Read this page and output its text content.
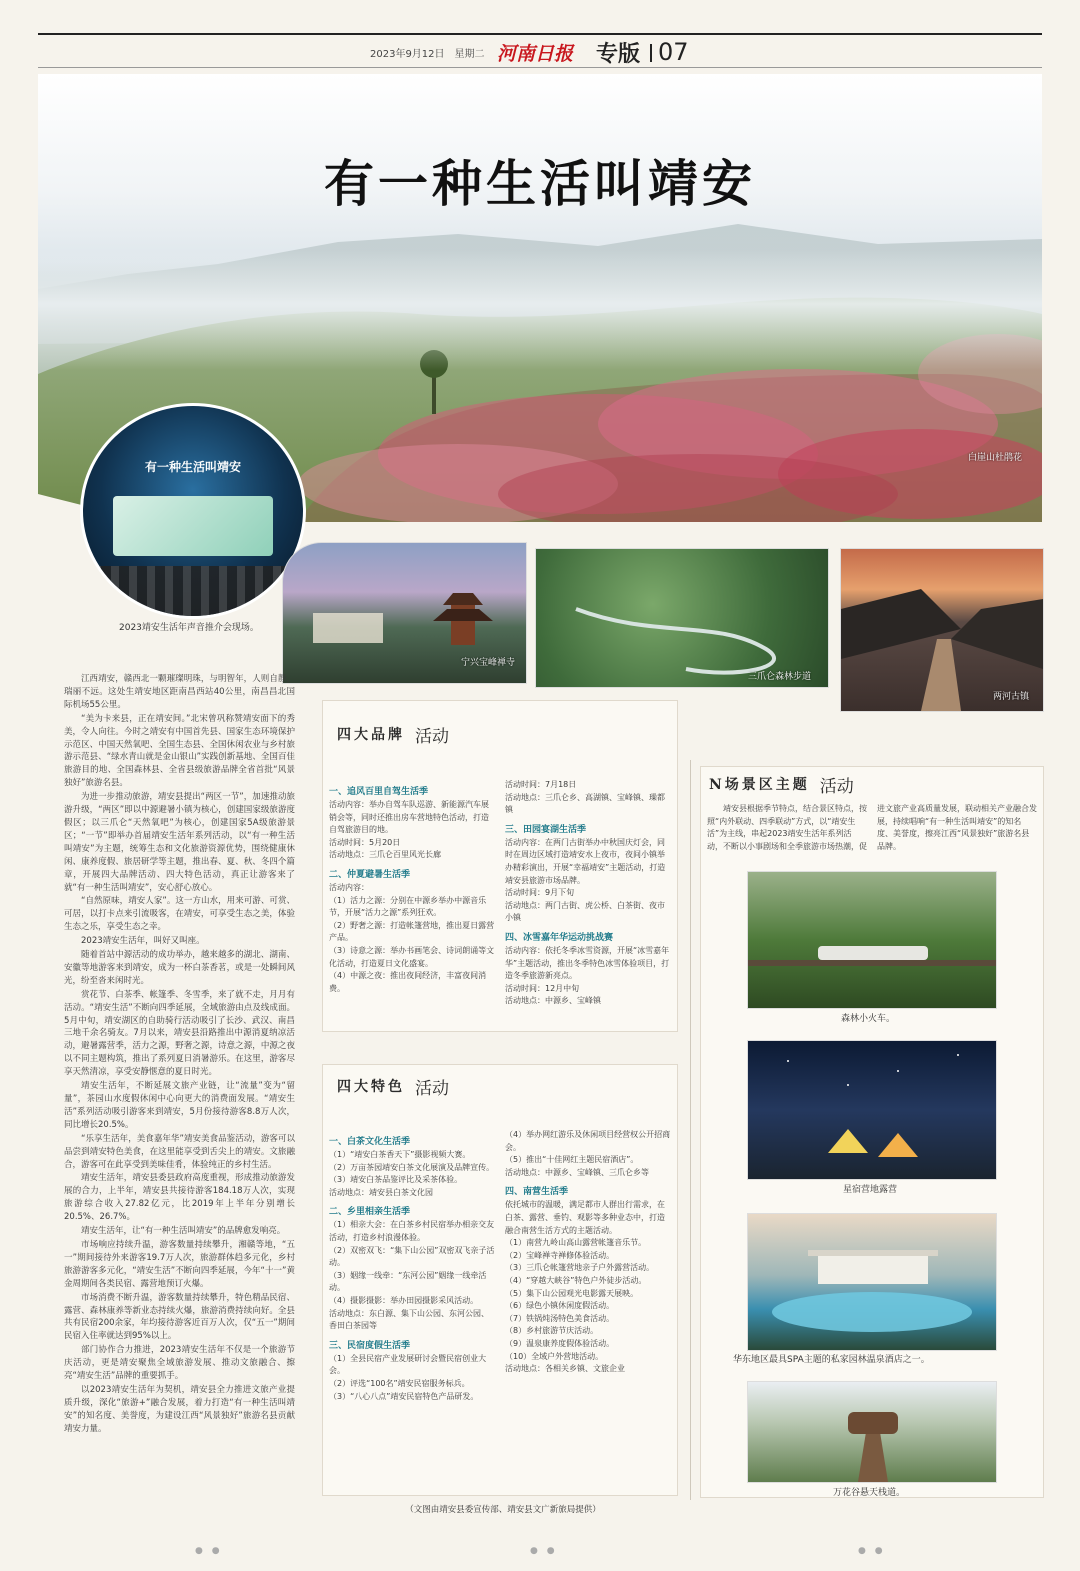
2023年9月12日　星期二 河南日报 专版 07
白崖山杜鹃花
有一种生活叫靖安
有一种生活叫靖安
2023靖安生活年声音推介会现场。
宁兴宝峰禅寺
三爪仑森林步道
两河古镇

江西靖安，赣西北一颗璀璨明珠，与明智年，人则自静，瑞丽不远。这处生靖安地区距南昌西站40公里，南昌昌北国际机场55公里。

“美为卡来县，正在靖安间。”北宋曾巩称赞靖安面下的秀美，令人向往。今时之靖安有中国首先县、国家生态环境保护示范区、中国天然氧吧、全国生态县、全国休闲农业与乡村旅游示范县、“绿水青山就是金山银山”实践创新基地、全国百佳旅游目的地、全国森林县、全省县级旅游品牌全省首批“风景独好”旅游名县。

为进一步推动旅游，靖安县提出“两区一节”，加速推动旅游升级，“两区”即以中源避暑小镇为核心，创建国家级旅游度假区；以三爪仑“天然氧吧”为核心，创建国家5A级旅游景区；“一节”即举办首届靖安生活年系列活动，以“有一种生活叫靖安”为主题，统筹生态和文化旅游资源优势，围绕健康休闲、康养度假、旅居研学等主题，推出春、夏、秋、冬四个篇章，开展四大品牌活动、四大特色活动，真正让游客来了就“有一种生活叫靖安”，安心舒心放心。

“自然原味，靖安人家”。这一方山水，用来可游、可赏、可居，以打卡点来引流吸客，在靖安，可享受生态之美，体验生态之乐，享受生态之幸。

2023靖安生活年，叫好又叫座。

随着首站中源活动的成功举办，越来越多的湖北、湖南、安徽等地游客来到靖安，成为一杯白茶香茗，或是一处瞬间风光，纷至沓来闲时光。

赏花节、白茶季、帐篷季、冬雪季，来了就不走，月月有活动。“靖安生活”不断向四季延展，全域旅游由点及线成面。5月中旬，靖安湖区的自助骑行活动吸引了长沙、武汉、南昌三地千余名骑友。7月以来，靖安县沿路推出中源消夏纳凉活动，避暑露营季，活力之源，野奢之源，诗意之源，中源之夜以不同主题构筑，推出了系列夏日消暑游乐。在这里，游客尽享天然清凉，享受安静惬意的夏日时光。

靖安生活年，不断延展文旅产业链，让“流量”变为“留量”，茶园山水度假休闲中心向更大的消费面发展。“靖安生活”系列活动吸引游客来到靖安，5月份接待游客8.8万人次，同比增长20.5%。

“乐享生活年，美食嘉年华”靖安美食品鉴活动，游客可以品尝到靖安特色美食，在这里能享受到舌尖上的靖安。文旅融合，游客可在此享受到美味佳肴，体验纯正的乡村生活。

靖安生活年，靖安县委县政府高度重视，形成推动旅游发展的合力，上半年，靖安县共接待游客184.18万人次，实现旅游综合收入27.82亿元，比2019年上半年分别增长20.5%、26.7%。

靖安生活年，让“有一种生活叫靖安”的品牌愈发响亮。

市场响应持续升温，游客数量持续攀升，湘赣等地，“五一”期间接待外来游客19.7万人次，旅游群体趋多元化，乡村旅游游客多元化，“靖安生活”不断向四季延展，今年“十一”黄金周期间各类民宿、露营地预订火爆。

市场消费不断升温，游客数量持续攀升，特色精品民宿、露营、森林康养等新业态持续火爆，旅游消费持续向好。全县共有民宿200余家，年均接待游客近百万人次，仅“五一”期间民宿入住率就达到95%以上。

部门协作合力推进，2023靖安生活年不仅是一个旅游节庆活动，更是靖安聚焦全域旅游发展、推动文旅融合、擦亮“靖安生活”品牌的重要抓手。

以2023靖安生活年为契机，靖安县全力推进文旅产业提质升级，深化“旅游+”融合发展，着力打造“有一种生活叫靖安”的知名度、美誉度，为建设江西“风景独好”旅游名县贡献靖安力量。

四大品牌 活动
一、追风百里自驾生活季
活动内容：举办自驾车队巡游、新能源汽车展销会等，同时还推出房车营地特色活动，打造自驾旅游目的地。
活动时间：5月20日
活动地点：三爪仑百里风光长廊
二、仲夏避暑生活季
活动内容：
（1）活力之源：分别在中源乡举办中源音乐节，开展“活力之源”系列狂欢。
（2）野奢之源：打造帐篷营地，推出夏日露营产品。
（3）诗意之源：举办书画笔会、诗词朗诵等文化活动，打造夏日文化盛宴。
（4）中源之夜：推出夜间经济，丰富夜间消费。
活动时间：7月18日
活动地点：三爪仑乡、高湖镇、宝峰镇、璪都镇
三、田园宴湖生活季
活动内容：在两门古街举办中秋国庆灯会，同时在周边区域打造靖安水上夜市，夜间小镇举办精彩演出，开展“幸福靖安”主题活动，打造靖安县旅游市场品牌。
活动时间：9月下旬
活动地点：两门古街、虎公桥、白茶街、夜市小镇
四、冰雪嘉年华运动挑战赛
活动内容：依托冬季冰雪资源，开展“冰雪嘉年华”主题活动，推出冬季特色冰雪体验项目，打造冬季旅游新亮点。
活动时间：12月中旬
活动地点：中源乡、宝峰镇
四大特色 活动
一、白茶文化生活季
（1）“靖安白茶香天下”摄影视频大赛。
（2）万亩茶园靖安白茶文化展演及品牌宣传。
（3）靖安白茶品鉴评比及采茶体验。
活动地点：靖安县白茶文化园
二、乡里相亲生活季
（1）相亲大会：在白茶乡村民宿举办相亲交友活动，打造乡村浪漫体验。
（2）双密双飞：“集下山公园”双密双飞亲子活动。
（3）姻缘一线牵：“东河公园”姻缘一线牵活动。
（4）摄影摄影：举办田园摄影采风活动。
活动地点：东白源、集下山公园、东河公园、香田白茶园等
三、民宿度假生活季
（1）全县民宿产业发展研讨会暨民宿创业大会。
（2）评选“100名”靖安民宿服务标兵。
（3）“八心八点”靖安民宿特色产品研发。
（4）举办网红游乐及休闲项目经营权公开招商会。
（5）推出“十佳网红主题民宿酒店”。
活动地点：中源乡、宝峰镇、三爪仑乡等
四、南营生活季
依托城市的温暖，满足都市人群出行需求，在白茶、露营、垂钓、观影等多种业态中，打造融合南营生活方式的主题活动。
（1）南营九岭山高山露营帐篷音乐节。
（2）宝峰禅寺禅修体验活动。
（3）三爪仑帐篷营地亲子户外露营活动。
（4）“穿越大峡谷”特色户外徒步活动。
（5）集下山公园观光电影露天展映。
（6）绿色小镇休闲度假活动。
（7）铁锅炖汤特色美食活动。
（8）乡村旅游节庆活动。
（9）温泉康养度假体验活动。
（10）全域户外营地活动。
活动地点：各相关乡镇、文旅企业
（文图由靖安县委宣传部、靖安县文广新旅局提供）
N场景区主题 活动
靖安县根据季节特点，结合景区特点，按照“内外联动、四季联动”方式，以“靖安生活”为主线，串起2023靖安生活年系列活动，不断以小事剧场和全季旅游市场热潮，促进文旅产业高质量发展，联动相关产业融合发展，持续唱响“有一种生活叫靖安”的知名度、美誉度，擦亮江西“风景独好”旅游名县品牌。
森林小火车。
星宿营地露营
华东地区最具SPA主题的私家园林温泉酒店之一。
万花谷悬天栈道。
● ●	● ●	● ●
